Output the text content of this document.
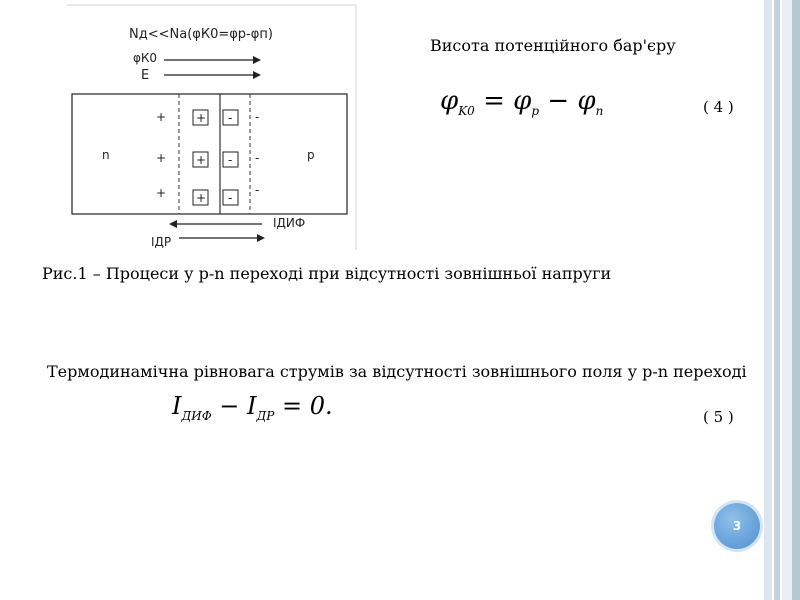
Nд<<Nа(φК0=φр-φп)
φК0
E
n	p
+
+
+
-
-
-
+ -
+ -
+ -
IДИФ
IДР
Висота потенційного бар'єру
$\varphi_{K0} = \varphi_p - \varphi_n$	( 4 )
Рис.1 – Процеси у p-n переході при відсутності зовнішньої напруги
Термодинамічна рівновага струмів за відсутності зовнішнього поля у p-n переході
$I_{ДИФ} - I_{ДР} = 0$.	( 5 )
3
